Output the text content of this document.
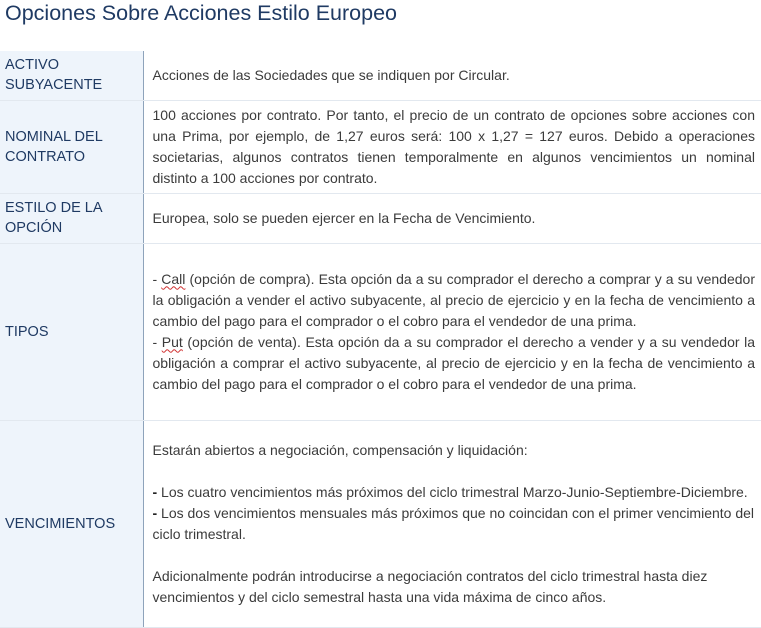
Opciones Sobre Acciones Estilo Europeo
ACTIVO SUBYACENTE	Acciones de las Sociedades que se indiquen por Circular.

NOMINAL DEL CONTRATO	100 acciones por contrato. Por tanto, el precio de un contrato de opciones sobre acciones con una Prima, por ejemplo, de 1,27 euros será: 100 x 1,27 = 127 euros. Debido a operaciones societarias, algunos contratos tienen temporalmente en algunos vencimientos un nominal distinto a 100 acciones por contrato.

ESTILO DE LA OPCIÓN	Europea, solo se pueden ejercer en la Fecha de Vencimiento.

TIPOS	- Call (opción de compra). Esta opción da a su comprador el derecho a comprar y a su vendedor la obligación a vender el activo subyacente, al precio de ejercicio y en la fecha de vencimiento a cambio del pago para el comprador o el cobro para el vendedor de una prima.

- Put (opción de venta). Esta opción da a su comprador el derecho a vender y a su vendedor la obligación a comprar el activo subyacente, al precio de ejercicio y en la fecha de vencimiento a cambio del pago para el comprador o el cobro para el vendedor de una prima.

VENCIMIENTOS	Estarán abiertos a negociación, compensación y liquidación:

- Los cuatro vencimientos más próximos del ciclo trimestral Marzo-Junio-Septiembre-Diciembre.

- Los dos vencimientos mensuales más próximos que no coincidan con el primer vencimiento del ciclo trimestral.

Adicionalmente podrán introducirse a negociación contratos del ciclo trimestral hasta diez vencimientos y del ciclo semestral hasta una vida máxima de cinco años.
